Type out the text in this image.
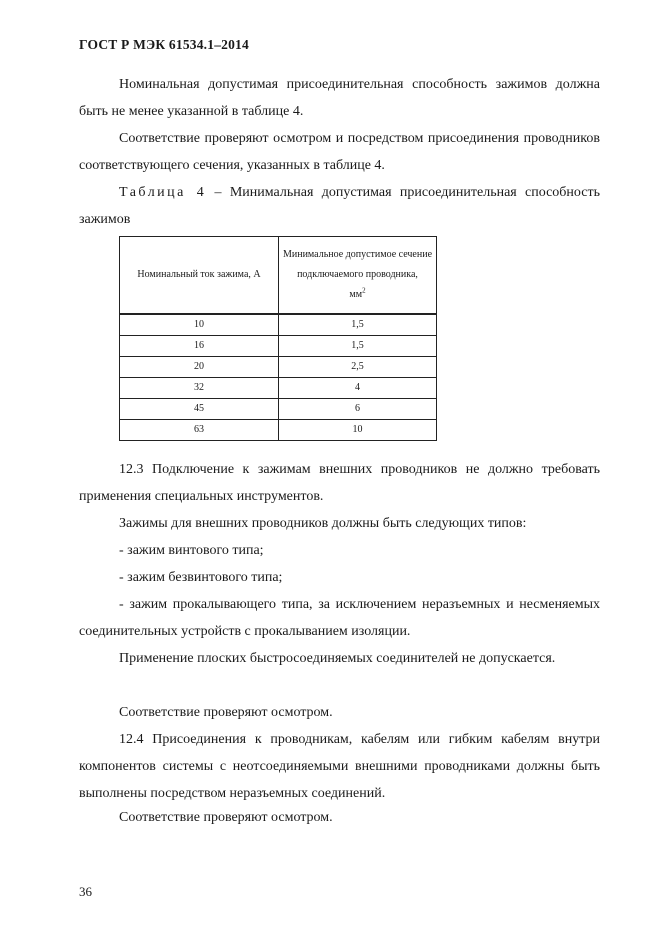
ГОСТ Р МЭК 61534.1–2014

Номинальная допустимая присоединительная способность зажимов должна быть не менее указанной в таблице 4.

Соответствие проверяют осмотром и посредством присоединения проводников соответствующего сечения, указанных в таблице 4.

Таблица 4 – Минимальная допустимая присоединительная способность зажимов

Номинальный ток зажима, А	Минимальное допустимое сечение подключаемого проводника,
$мм^2$
10	1,5
16	1,5
20	2,5
32	4
45	6
63	10

12.3 Подключение к зажимам внешних проводников не должно требовать применения специальных инструментов.

Зажимы для внешних проводников должны быть следующих типов:

- зажим винтового типа;

- зажим безвинтового типа;

- зажим прокалывающего типа, за исключением неразъемных и несменяемых соединительных устройств с прокалыванием изоляции.

Применение плоских быстросоединяемых соединителей не допускается.

Соответствие проверяют осмотром.

12.4 Присоединения к проводникам, кабелям или гибким кабелям внутри компонентов системы с неотсоединяемыми внешними проводниками должны быть выполнены посредством неразъемных соединений.

Соответствие проверяют осмотром.

36
